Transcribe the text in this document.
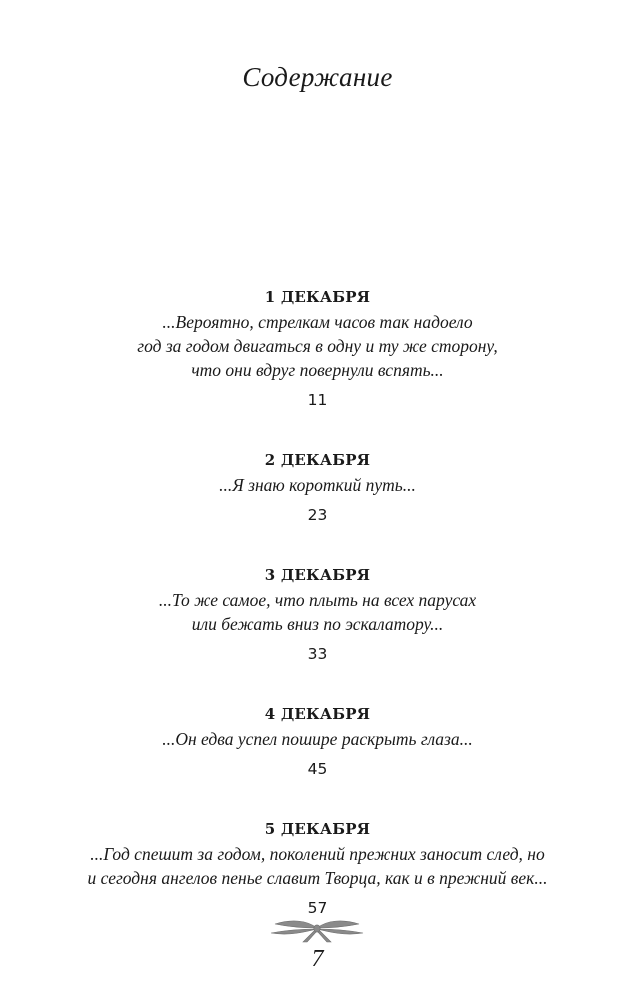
Содержание
1 ДЕКАБРЯ
...Вероятно, стрелкам часов так надоело
год за годом двигаться в одну и ту же сторону,
что они вдруг повернули вспять...
11
2 ДЕКАБРЯ
...Я знаю короткий путь...
23
3 ДЕКАБРЯ
...То же самое, что плыть на всех парусах
или бежать вниз по эскалатору...
33
4 ДЕКАБРЯ
...Он едва успел пошире раскрыть глаза...
45
5 ДЕКАБРЯ
...Год спешит за годом, поколений прежних заносит след, но
и сегодня ангелов пенье славит Творца, как и в прежний век...
57
7
